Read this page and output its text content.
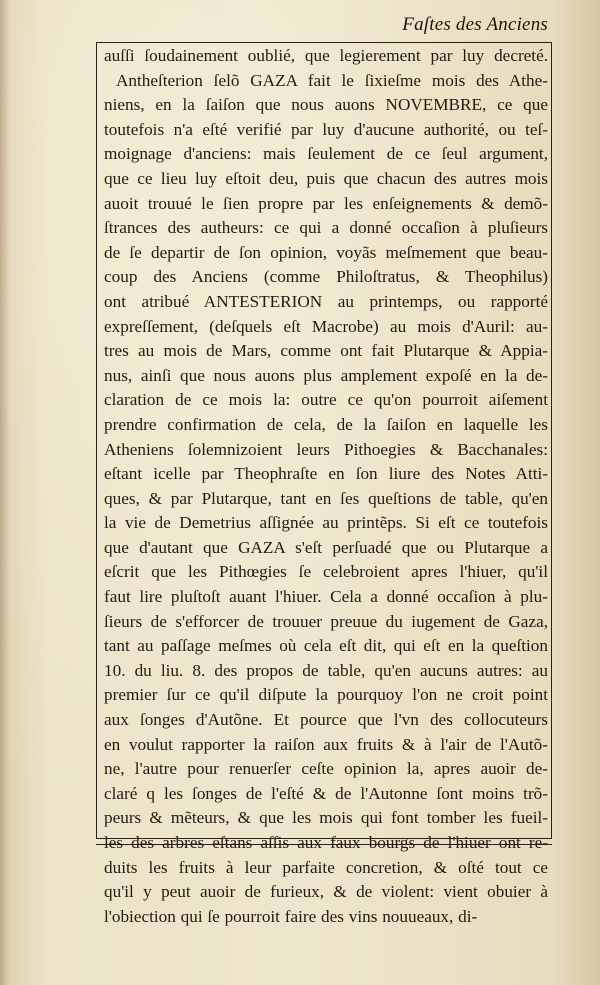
Faſtes des Anciens
auſſi ſoudainement oublié, que legierement par luy decreté.
Antheſterion ſelõ GAZA fait le ſixieſme mois des Athe-
niens, en la ſaiſon que nous auons NOVEMBRE, ce que
toutefois n'a eſté verifié par luy d'aucune authorité, ou teſ-
moignage d'anciens: mais ſeulement de ce ſeul argument,
que ce lieu luy eſtoit deu, puis que chacun des autres mois
auoit trouué le ſien propre par les enſeignements & demõ-
ſtrances des autheurs: ce qui a donné occaſion à pluſieurs
de ſe departir de ſon opinion, voyãs meſmement que beau-
coup des Anciens (comme Philoſtratus, & Theophilus)
ont atribué ANTESTERION au printemps, ou rapporté
expreſſement, (deſquels eſt Macrobe) au mois d'Auril: au-
tres au mois de Mars, comme ont fait Plutarque & Appia-
nus, ainſi que nous auons plus amplement expoſé en la de-
claration de ce mois la: outre ce qu'on pourroit aiſement
prendre confirmation de cela, de la ſaiſon en laquelle les
Atheniens ſolemnizoient leurs Pithoegies & Bacchanales:
eſtant icelle par Theophraſte en ſon liure des Notes Atti-
ques, & par Plutarque, tant en ſes queſtions de table, qu'en
la vie de Demetrius aſſignée au printẽps. Si eſt ce toutefois
que d'autant que GAZA s'eſt perſuadé que ou Plutarque a
eſcrit que les Pithœgies ſe celebroient apres l'hiuer, qu'il
faut lire pluſtoſt auant l'hiuer. Cela a donné occaſion à plu-
ſieurs de s'efforcer de trouuer preuue du iugement de Gaza,
tant au paſſage meſmes où cela eſt dit, qui eſt en la queſtion
10. du liu. 8. des propos de table, qu'en aucuns autres: au
premier ſur ce qu'il diſpute la pourquoy l'on ne croit point
aux ſonges d'Autõne. Et pource que l'vn des collocuteurs
en voulut rapporter la raiſon aux fruits & à l'air de l'Autõ-
ne, l'autre pour renuerſer ceſte opinion la, apres auoir de-
claré q les ſonges de l'eſté & de l'Autonne ſont moins trõ-
peurs & mẽteurs, & que les mois qui font tomber les fueil-
les des arbres eſtans aſſis aux faux bourgs de l'hiuer ont re-
duits les fruits à leur parfaite concretion, & oſté tout ce
qu'il y peut auoir de furieux, & de violent: vient obuier à
l'obiection qui ſe pourroit faire des vins nouueaux, di-
